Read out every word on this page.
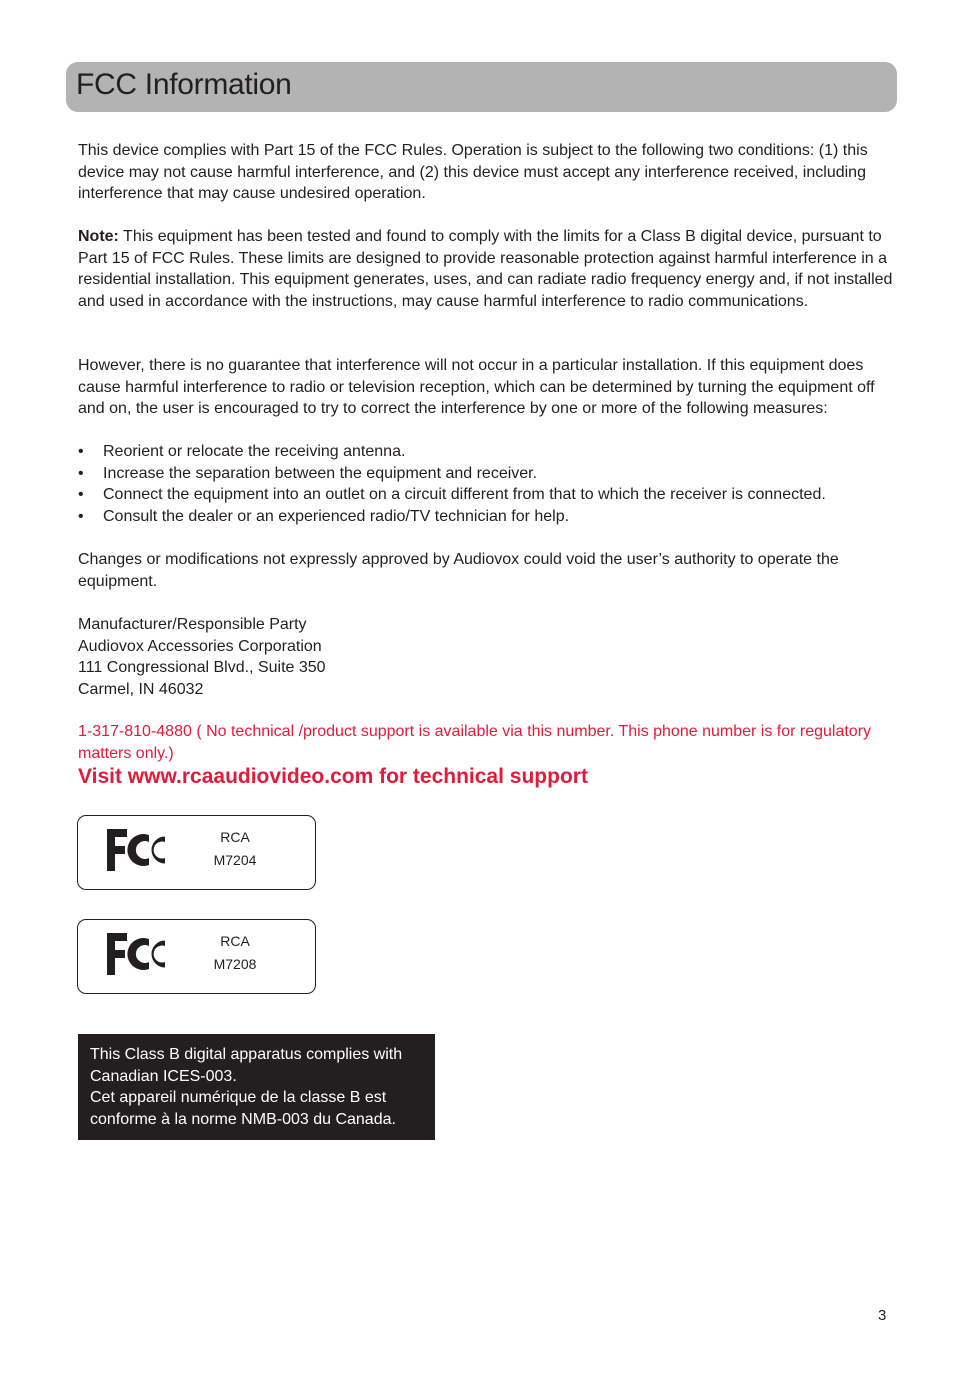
FCC Information
This device complies with Part 15 of the FCC Rules. Operation is subject to the following two conditions: (1) this device may not cause harmful interference, and (2) this device must accept any interference received, including interference that may cause undesired operation.
Note: This equipment has been tested and found to comply with the limits for a Class B digital device, pursuant to Part 15 of FCC Rules. These limits are designed to provide reasonable protection against harmful interference in a residential installation. This equipment generates, uses, and can radiate radio frequency energy and, if not installed and used in accordance with the instructions, may cause harmful interference to radio communications.
However, there is no guarantee that interference will not occur in a particular installation. If this equipment does cause harmful interference to radio or television reception, which can be determined by turning the equipment off and on, the user is encouraged to try to correct the interference by one or more of the following measures:
• Reorient or relocate the receiving antenna.
• Increase the separation between the equipment and receiver.
• Connect the equipment into an outlet on a circuit different from that to which the receiver is connected.
• Consult the dealer or an experienced radio/TV technician for help.
Changes or modifications not expressly approved by Audiovox could void the user’s authority to operate the equipment.
Manufacturer/Responsible Party
Audiovox Accessories Corporation
111 Congressional Blvd., Suite 350
Carmel, IN 46032
1-317-810-4880 ( No technical /product support is available via this number. This phone number is for regulatory matters only.)
Visit www.rcaaudiovideo.com for technical support
RCA
M7204
RCA
M7208
This Class B digital apparatus complies with
Canadian ICES-003.
Cet appareil numérique de la classe B est
conforme à la norme NMB-003 du Canada.
3
